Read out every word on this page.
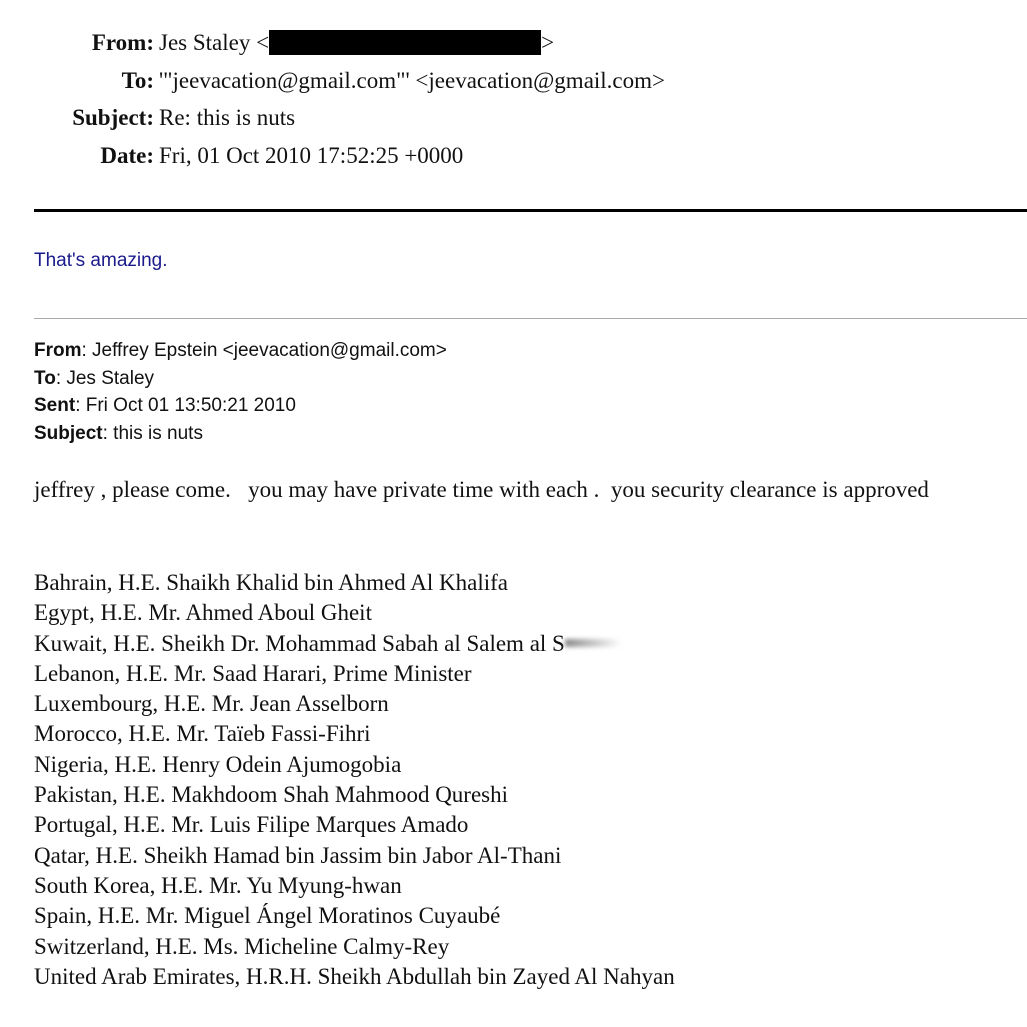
From: Jes Staley <	>
To: '"jeevacation@gmail.com"' <jeevacation@gmail.com>
Subject: Re: this is nuts
Date: Fri, 01 Oct 2010 17:52:25 +0000
That's amazing.
From: Jeffrey Epstein <jeevacation@gmail.com>
To: Jes Staley
Sent: Fri Oct 01 13:50:21 2010
Subject: this is nuts
jeffrey , please come.   you may have private time with each .  you security clearance is approved
Bahrain, H.E. Shaikh Khalid bin Ahmed Al Khalifa
Egypt, H.E. Mr. Ahmed Aboul Gheit
Kuwait, H.E. Sheikh Dr. Mohammad Sabah al Salem al S
Lebanon, H.E. Mr. Saad Harari, Prime Minister
Luxembourg, H.E. Mr. Jean Asselborn
Morocco, H.E. Mr. Taïeb Fassi-Fihri
Nigeria, H.E. Henry Odein Ajumogobia
Pakistan, H.E. Makhdoom Shah Mahmood Qureshi
Portugal, H.E. Mr. Luis Filipe Marques Amado
Qatar, H.E. Sheikh Hamad bin Jassim bin Jabor Al-Thani
South Korea, H.E. Mr. Yu Myung-hwan
Spain, H.E. Mr. Miguel Ángel Moratinos Cuyaubé
Switzerland, H.E. Ms. Micheline Calmy-Rey
United Arab Emirates, H.R.H. Sheikh Abdullah bin Zayed Al Nahyan
